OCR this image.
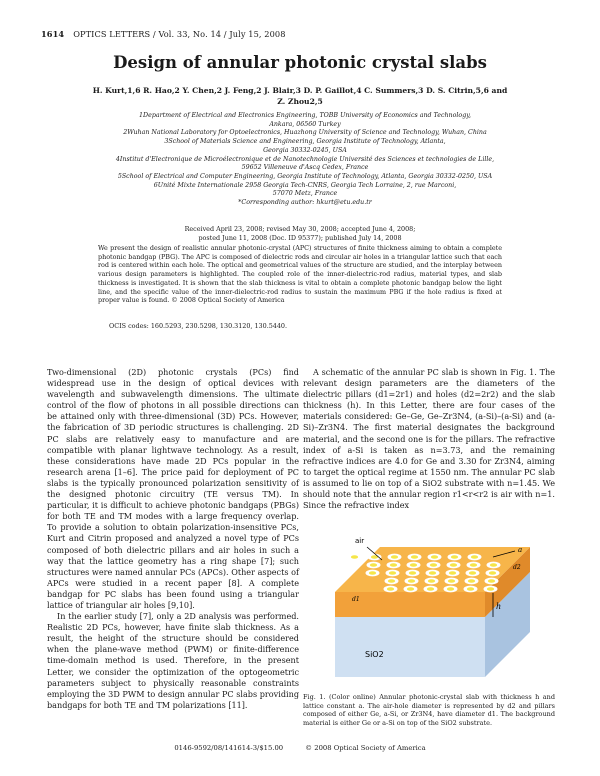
1614 OPTICS LETTERS / Vol. 33, No. 14 / July 15, 2008
Design of annular photonic crystal slabs
H. Kurt,1,6 R. Hao,2 Y. Chen,2 J. Feng,2 J. Blair,3 D. P. Gaillot,4 C. Summers,3 D. S. Citrin,5,6 and
Z. Zhou2,5
1Department of Electrical and Electronics Engineering, TOBB University of Economics and Technology,
Ankara, 06560 Turkey
2Wuhan National Laboratory for Optoelectronics, Huazhong University of Science and Technology, Wuhan, China
3School of Materials Science and Engineering, Georgia Institute of Technology, Atlanta,
Georgia 30332-0245, USA
4Institut d'Electronique de Microélectronique et de Nanotechnologie Université des Sciences et technologies de Lille,
59652 Villeneuve d'Ascq Cedex, France
5School of Electrical and Computer Engineering, Georgia Institute of Technology, Atlanta, Georgia 30332-0250, USA
6Unité Mixte Internationale 2958 Georgia Tech-CNRS, Georgia Tech Lorraine, 2, rue Marconi,
57070 Metz, France
*Corresponding author: hkurt@etu.edu.tr
Received April 23, 2008; revised May 30, 2008; accepted June 4, 2008;
posted June 11, 2008 (Doc. ID 95377); published July 14, 2008
We present the design of realistic annular photonic-crystal (APC) structures of finite thickness aiming to obtain a complete photonic bandgap (PBG). The APC is composed of dielectric rods and circular air holes in a triangular lattice such that each rod is centered within each hole. The optical and geometrical values of the structure are studied, and the interplay between various design parameters is highlighted. The coupled role of the inner-dielectric-rod radius, material types, and slab thickness is investigated. It is shown that the slab thickness is vital to obtain a complete photonic bandgap below the light line, and the specific value of the inner-dielectric-rod radius to sustain the maximum PBG if the hole radius is fixed at proper value is found. © 2008 Optical Society of America
OCIS codes: 160.5293, 230.5298, 130.3120, 130.5440.

Two-dimensional (2D) photonic crystals (PCs) find widespread use in the design of optical devices with wavelength and subwavelength dimensions. The ultimate control of the flow of photons in all possible directions can be attained only with three-dimensional (3D) PCs. However, the fabrication of 3D periodic structures is challenging. 2D PC slabs are relatively easy to manufacture and are compatible with planar lightwave technology. As a result, these considerations have made 2D PCs popular in the research arena [1–6]. The price paid for deployment of PC slabs is the typically pronounced polarization sensitivity of the designed photonic circuitry (TE versus TM). In particular, it is difficult to achieve photonic bandgaps (PBGs) for both TE and TM modes with a large frequency overlap. To provide a solution to obtain polarization-insensitive PCs, Kurt and Citrin proposed and analyzed a novel type of PCs composed of both dielectric pillars and air holes in such a way that the lattice geometry has a ring shape [7]; such structures were named annular PCs (APCs). Other aspects of APCs were studied in a recent paper [8]. A complete bandgap for PC slabs has been found using a triangular lattice of triangular air holes [9,10].

In the earlier study [7], only a 2D analysis was performed. Realistic 2D PCs, however, have finite slab thickness. As a result, the height of the structure should be considered when the plane-wave method (PWM) or finite-difference time-domain method is used. Therefore, in the present Letter, we consider the optimization of the optogeometric parameters subject to physically reasonable constraints employing the 3D PWM to design annular PC slabs providing bandgaps for both TE and TM polarizations [11].

A schematic of the annular PC slab is shown in Fig. 1. The relevant design parameters are the diameters of the dielectric pillars (d1=2r1) and holes (d2=2r2) and the slab thickness (h). In this Letter, there are four cases of the materials considered: Ge–Ge, Ge–Zr3N4, (a-Si)–(a-Si) and (a-Si)–Zr3N4. The first material designates the background material, and the second one is for the pillars. The refractive index of a-Si is taken as n=3.73, and the remaining refractive indices are 4.0 for Ge and 3.30 for Zr3N4, aiming to target the optical regime at 1550 nm. The annular PC slab is assumed to lie on top of a SiO2 substrate with n=1.45. We should note that the annular region r1<r<r2 is air with n=1. Since the refractive index

air
a
d2
d1
h
SiO2
Fig. 1. (Color online) Annular photonic-crystal slab with thickness h and lattice constant a. The air-hole diameter is represented by d2 and pillars composed of either Ge, a-Si, or Zr3N4, have diameter d1. The background material is either Ge or a-Si on top of the SiO2 substrate.
0146-9592/08/141614-3/$15.00	© 2008 Optical Society of America
